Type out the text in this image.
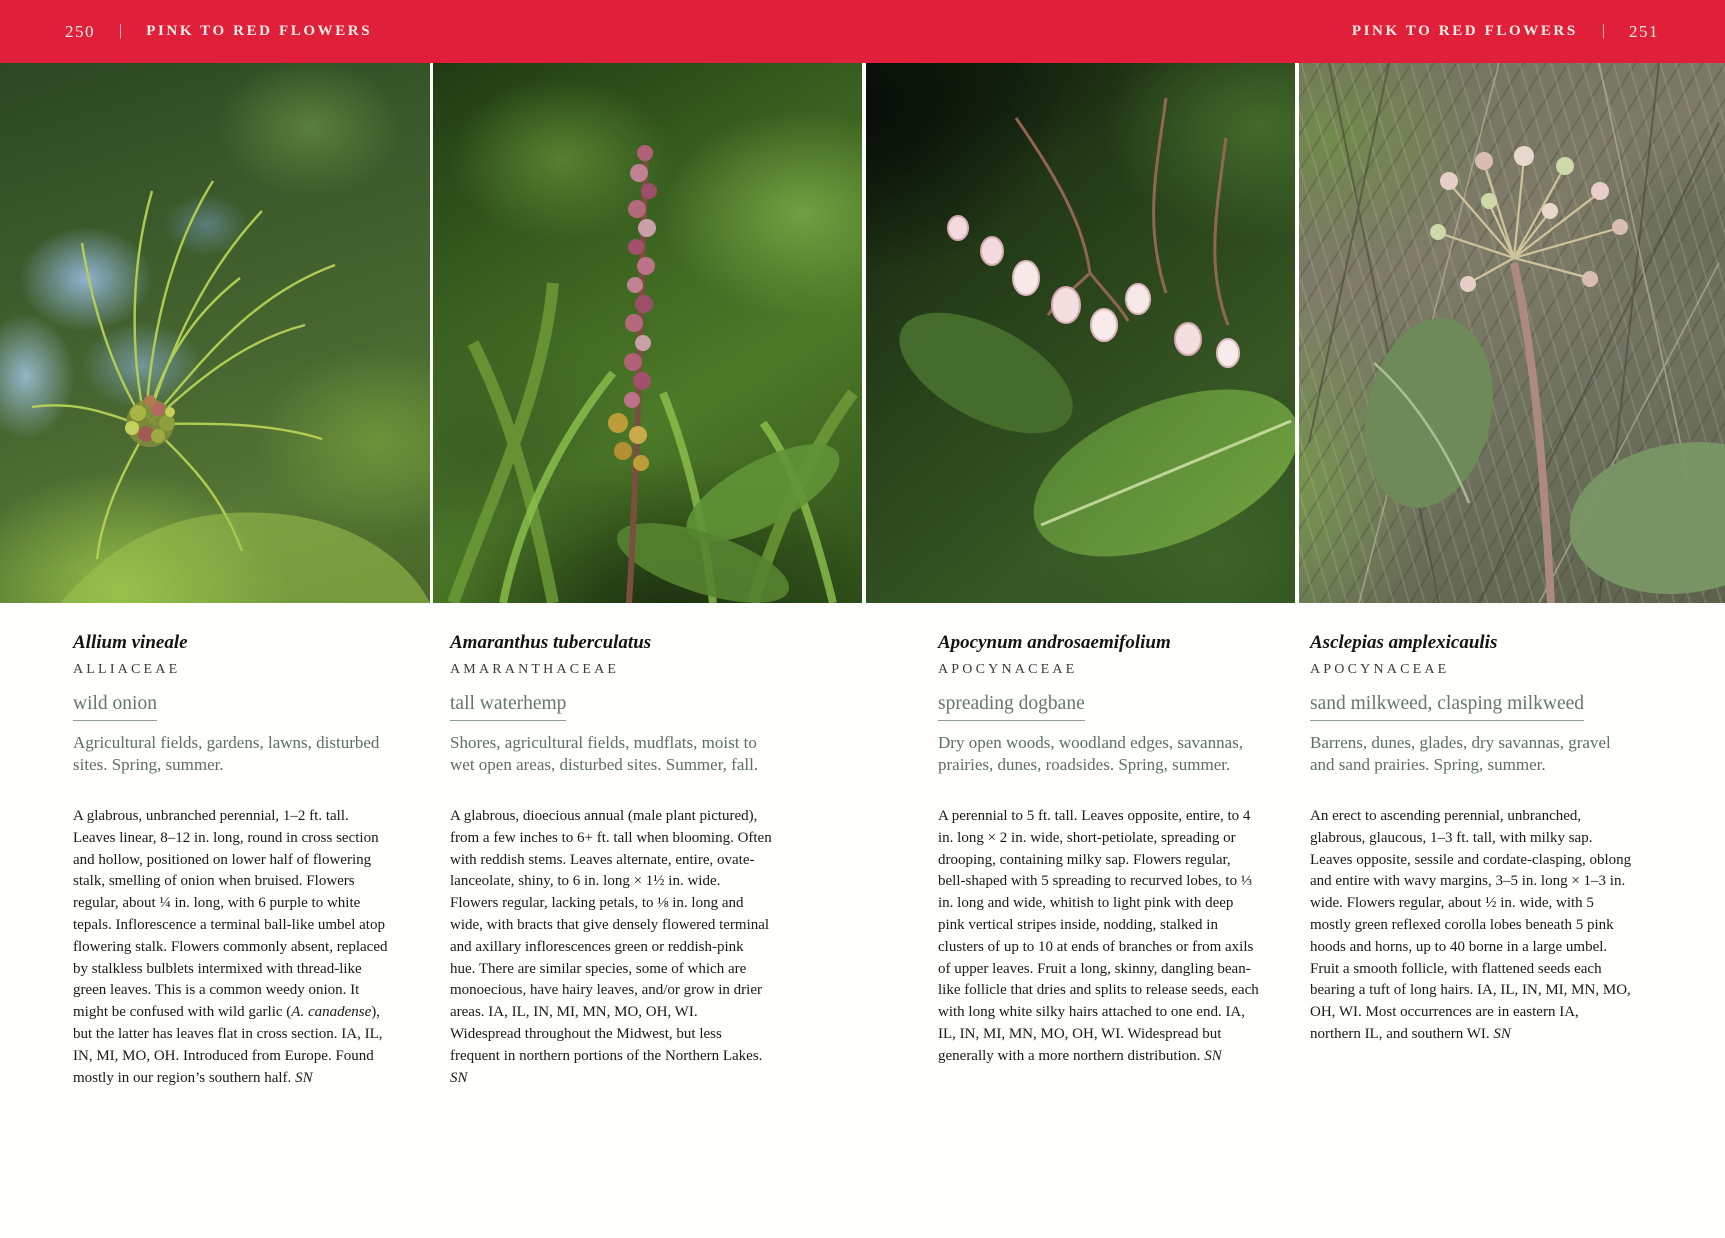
250 | PINK TO RED FLOWERS	PINK TO RED FLOWERS | 251
Allium vineale
ALLIACEAE
wild onion

Agricultural fields, gardens, lawns, disturbed sites. Spring, summer.

A glabrous, unbranched perennial, 1–2 ft. tall. Leaves linear, 8–12 in. long, round in cross section and hollow, positioned on lower half of flowering stalk, smelling of onion when bruised. Flowers regular, about ¼ in. long, with 6 purple to white tepals. Inflorescence a terminal ball-like umbel atop flowering stalk. Flowers commonly absent, replaced by stalkless bulblets intermixed with thread-like green leaves. This is a common weedy onion. It might be confused with wild garlic (A. canadense), but the latter has leaves flat in cross section. IA, IL, IN, MI, MO, OH. Introduced from Europe. Found mostly in our region’s southern half. SN

Amaranthus tuberculatus
AMARANTHACEAE
tall waterhemp

Shores, agricultural fields, mudflats, moist to wet open areas, disturbed sites. Summer, fall.

A glabrous, dioecious annual (male plant pictured), from a few inches to 6+ ft. tall when blooming. Often with reddish stems. Leaves alternate, entire, ovate-lanceolate, shiny, to 6 in. long × 1½ in. wide. Flowers regular, lacking petals, to ⅛ in. long and wide, with bracts that give densely flowered terminal and axillary inflorescences green or reddish-pink hue. There are similar species, some of which are monoecious, have hairy leaves, and/or grow in drier areas. IA, IL, IN, MI, MN, MO, OH, WI. Widespread throughout the Midwest, but less frequent in northern portions of the Northern Lakes. SN

Apocynum androsaemifolium
APOCYNACEAE
spreading dogbane

Dry open woods, woodland edges, savannas, prairies, dunes, roadsides. Spring, summer.

A perennial to 5 ft. tall. Leaves opposite, entire, to 4 in. long × 2 in. wide, short-petiolate, spreading or drooping, containing milky sap. Flowers regular, bell-shaped with 5 spreading to recurved lobes, to ⅓ in. long and wide, whitish to light pink with deep pink vertical stripes inside, nodding, stalked in clusters of up to 10 at ends of branches or from axils of upper leaves. Fruit a long, skinny, dangling bean-like follicle that dries and splits to release seeds, each with long white silky hairs attached to one end. IA, IL, IN, MI, MN, MO, OH, WI. Widespread but generally with a more northern distribution. SN

Asclepias amplexicaulis
APOCYNACEAE
sand milkweed, clasping milkweed

Barrens, dunes, glades, dry savannas, gravel and sand prairies. Spring, summer.

An erect to ascending perennial, unbranched, glabrous, glaucous, 1–3 ft. tall, with milky sap. Leaves opposite, sessile and cordate-clasping, oblong and entire with wavy margins, 3–5 in. long × 1–3 in. wide. Flowers regular, about ½ in. wide, with 5 mostly green reflexed corolla lobes beneath 5 pink hoods and horns, up to 40 borne in a large umbel. Fruit a smooth follicle, with flattened seeds each bearing a tuft of long hairs. IA, IL, IN, MI, MN, MO, OH, WI. Most occurrences are in eastern IA, northern IL, and southern WI. SN
